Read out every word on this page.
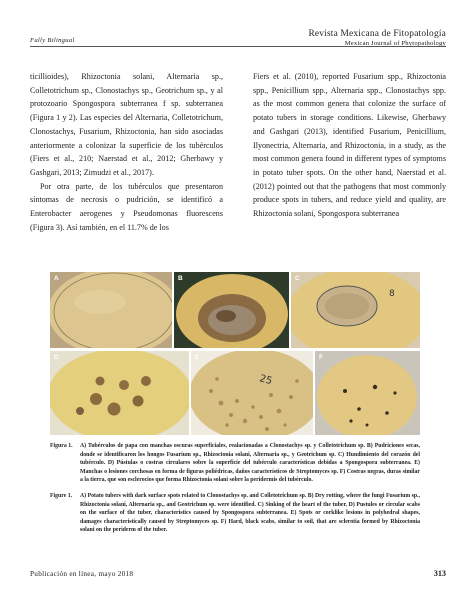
Fully Bilingual
Revista Mexicana de Fitopatología
Mexican Journal of Phytopathology

ticillioides), Rhizoctonia solani, Alternaria sp., Colletotrichum sp., Clonostachys sp., Geotrichum sp., y al protozoario Spongospora subterranea f sp. subterranea (Figura 1 y 2). Las especies del Alternaria, Colletotrichum, Clonostachys, Fusarium, Rhizoctonia, han sido asociadas anteriormente a colonizar la superficie de los tubérculos (Fiers et al., 210; Naerstad et al., 2012; Gherbawy y Gashgari, 2013; Zimudzi et al., 2017).

Por otra parte, de los tubérculos que presentaron síntomas de necrosis o pudrición, se identificó a Enterobacter aerogenes y Pseudomonas fluorescens (Figura 3). Así también, en el 11.7% de los

Fiers et al. (2010), reported Fusarium spp., Rhizoctonia spp., Penicillium spp., Alternaria spp., Clonostachys spp. as the most common genera that colonize the surface of potato tubers in storage conditions. Likewise, Gherbawy and Gashgari (2013), identified Fusarium, Penicillium, Ilyonectria, Alternaria, and Rhizoctonia, in a study, as the most common genera found in different types of symptoms in potato tuber spots. On the other hand, Naerstad et al. (2012) pointed out that the pathogens that most commonly produce spots in tubers, and reduce yield and quality, are Rhizoctonia solani, Spongospora subterranea

A	B
8
C
D
25
E	F
Figura 1.	A) Tubérculos de papa con manchas oscuras superficiales, realacionadas a Clonostachys sp. y Colletotrichum sp. B) Pudriciones secas, donde se identificaron los hongos Fusarium sp., Rhizoctonia solani, Alternaria sp., y Geotrichum sp. C) Hundimiento del corazón del tubérculo. D) Pústulas o costras circulares sobre la superficie del tubérculo características debidas a Spongospora subterranea. E) Manchas o lesiones corchosas en forma de figuras poliédricas, daños característicos de Streptomyces sp. F) Costras negras, duras similar a la tierra, que son esclerocios que forma Rhizoctonia solani sobre la peridermis del tubérculo.
Figure 1.	A) Potato tubers with dark surface spots related to Clonostachys sp. and Colletotrichum sp. B) Dry rotting, where the fungi Fusarium sp., Rhizoctonia solani, Alternaria sp., and Geotrichum sp. were identified. C) Sinking of the heart of the tuber. D) Pustules or circular scabs on the surface of the tuber, characteristics caused by Spongospora subterranea. E) Spots or corklike lesions in polyhedral shapes, damages characteristically caused by Streptomyces sp. F) Hard, black scabs, similar to soil, that are sclerotia formed by Rhizoctonia solani on the periderm of the tuber.
Publicación en línea, mayo 2018	313
